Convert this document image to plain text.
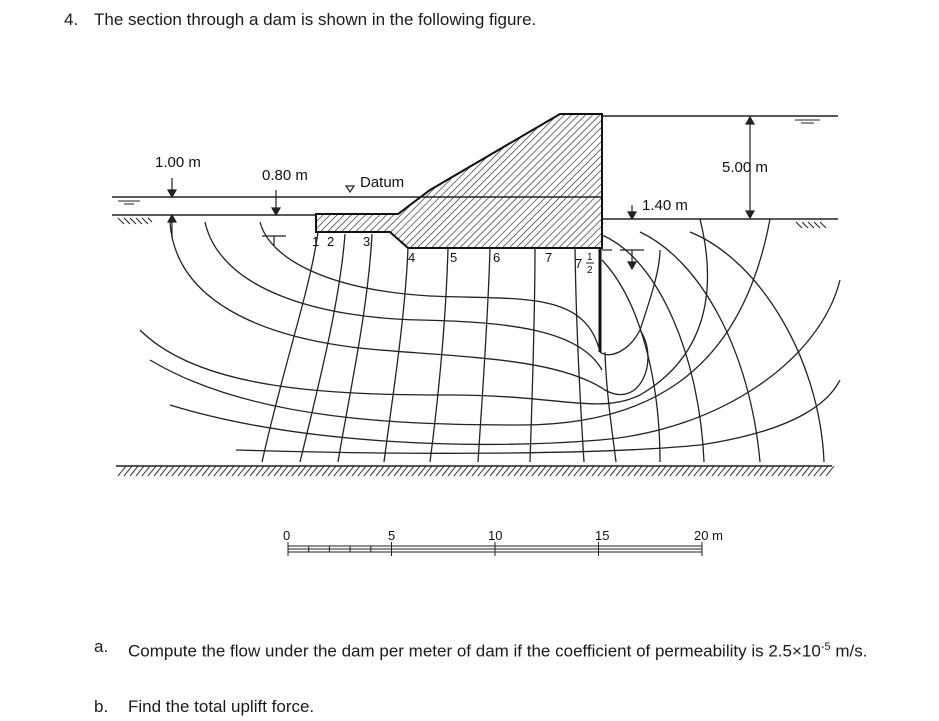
4. The section through a dam is shown in the following figure.
1.00 m
0.80 m	Datum
5.00 m
1.40 m
1 2 3
4	5	6	7 7 1
2
0	5	10	15	20 m
a. Compute the flow under the dam per meter of dam if the coefficient of permeability is $2.5\times 10^{-5}$ m/s.
b. Find the total uplift force.
